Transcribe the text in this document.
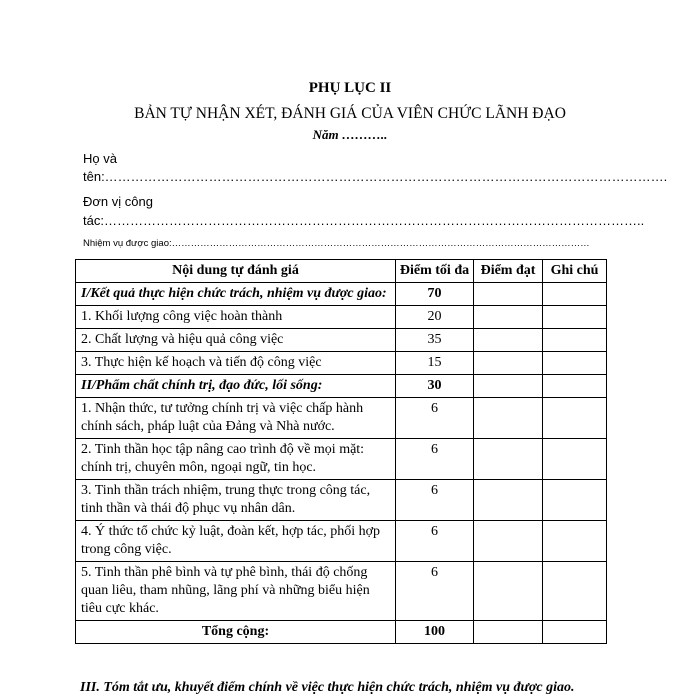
PHỤ LỤC II
BẢN TỰ NHẬN XÉT, ĐÁNH GIÁ CỦA VIÊN CHỨC LÃNH ĐẠO
Năm ………..
Họ và
tên:………………………………………………………………………………………………………………….
Đơn vị công
tác:……………………………………………………………………………………………………………..
Nhiệm vụ được giao:……………………………………………………………………………………………………………………
Nội dung tự đánh giá	Điểm tối đa	Điểm đạt	Ghi chú
I/Kết quả thực hiện chức trách, nhiệm vụ được giao:	70		
1. Khối lượng công việc hoàn thành	20		
2. Chất lượng và hiệu quả công việc	35		
3. Thực hiện kế hoạch và tiến độ công việc	15		
II/Phẩm chất chính trị, đạo đức, lối sống:	30		
1. Nhận thức, tư tưởng chính trị và việc chấp hành chính sách, pháp luật của Đảng và Nhà nước.	6		
2. Tinh thần học tập nâng cao trình độ về mọi mặt: chính trị, chuyên môn, ngoại ngữ, tin học.	6		
3. Tinh thần trách nhiệm, trung thực trong công tác, tinh thần và thái độ phục vụ nhân dân.	6		
4. Ý thức tổ chức kỷ luật, đoàn kết, hợp tác, phối hợp trong công việc.	6		
5. Tinh thần phê bình và tự phê bình, thái độ chống quan liêu, tham nhũng, lãng phí và những biểu hiện tiêu cực khác.	6		
Tổng cộng:	100		
III. Tóm tắt ưu, khuyết điểm chính về việc thực hiện chức trách, nhiệm vụ được giao.
